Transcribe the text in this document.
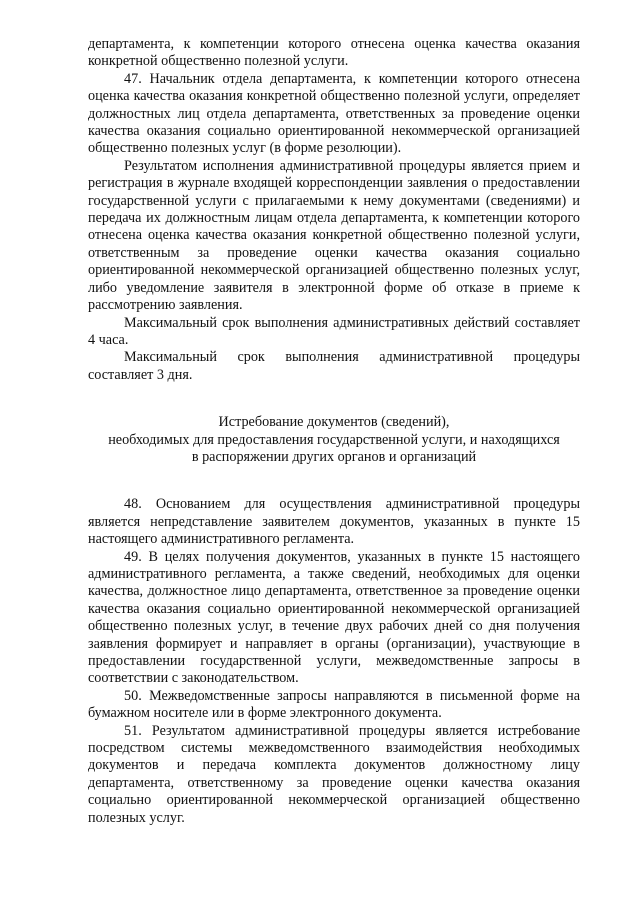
департамента, к компетенции которого отнесена оценка качества оказания конкретной общественно полезной услуги.

47. Начальник отдела департамента, к компетенции которого отнесена оценка качества оказания конкретной общественно полезной услуги, определяет должностных лиц отдела департамента, ответственных за проведение оценки качества оказания социально ориентированной некоммерческой организацией общественно полезных услуг (в форме резолюции).

Результатом исполнения административной процедуры является прием и регистрация в журнале входящей корреспонденции заявления о предоставлении государственной услуги с прилагаемыми к нему документами (сведениями) и передача их должностным лицам отдела департамента, к компетенции которого отнесена оценка качества оказания конкретной общественно полезной услуги, ответственным за проведение оценки качества оказания социально ориентированной некоммерческой организацией общественно полезных услуг, либо уведомление заявителя в электронной форме об отказе в приеме к рассмотрению заявления.

Максимальный срок выполнения административных действий составляет 4 часа.

Максимальный срок выполнения административной процедуры составляет 3 дня.

Истребование документов (сведений),
необходимых для предоставления государственной услуги, и находящихся
в распоряжении других органов и организаций

48. Основанием для осуществления административной процедуры является непредставление заявителем документов, указанных в пункте 15 настоящего административного регламента.

49. В целях получения документов, указанных в пункте 15 настоящего административного регламента, а также сведений, необходимых для оценки качества, должностное лицо департамента, ответственное за проведение оценки качества оказания социально ориентированной некоммерческой организацией общественно полезных услуг, в течение двух рабочих дней со дня получения заявления формирует и направляет в органы (организации), участвующие в предоставлении государственной услуги, межведомственные запросы в соответствии с законодательством.

50. Межведомственные запросы направляются в письменной форме на бумажном носителе или в форме электронного документа.

51. Результатом административной процедуры является истребование посредством системы межведомственного взаимодействия необходимых документов и передача комплекта документов должностному лицу департамента, ответственному за проведение оценки качества оказания социально ориентированной некоммерческой организацией общественно полезных услуг.
